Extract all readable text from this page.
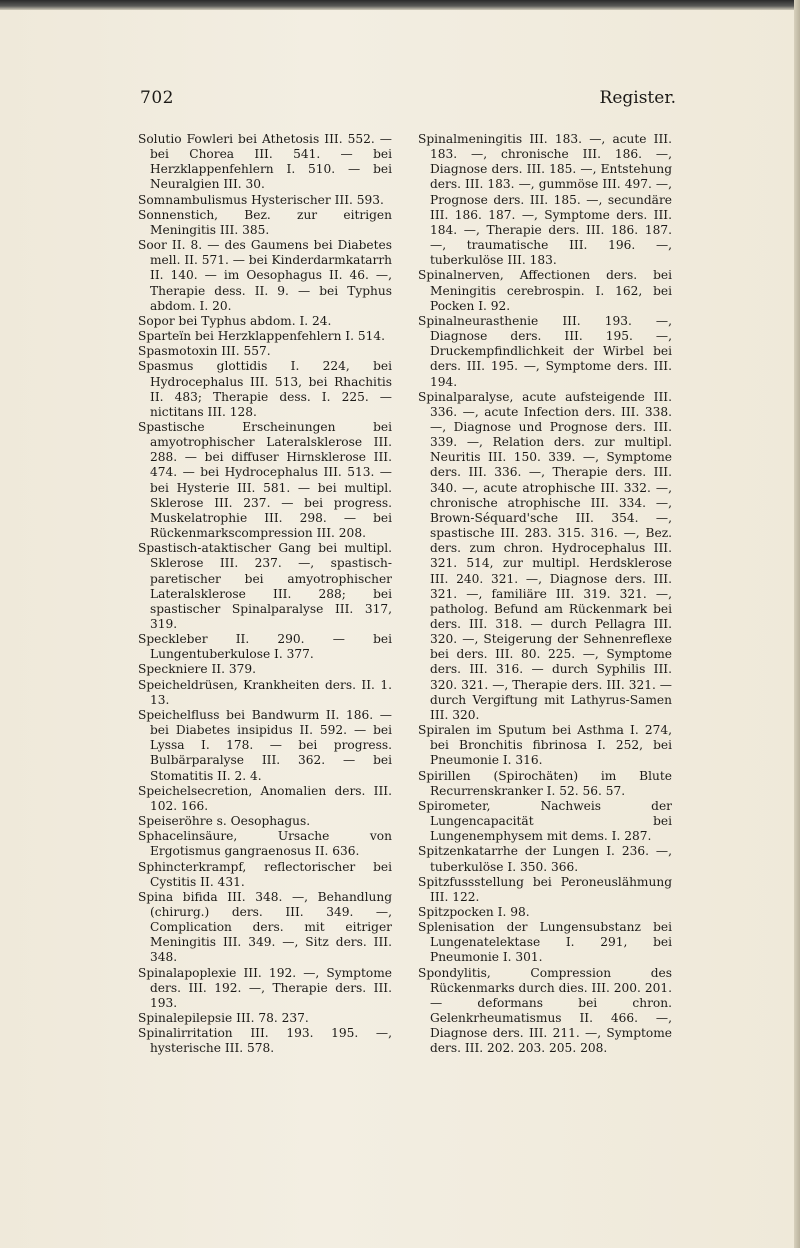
702	Register.

Solutio Fowleri bei Athetosis III. 552. — bei Chorea III. 541. — bei Herzklappenfehlern I. 510. — bei Neuralgien III. 30.

Somnambulismus Hysterischer III. 593.

Sonnenstich, Bez. zur eitrigen Meningitis III. 385.

Soor II. 8. — des Gaumens bei Diabetes mell. II. 571. — bei Kinderdarmkatarrh II. 140. — im Oesophagus II. 46. —, Therapie dess. II. 9. — bei Typhus abdom. I. 20.

Sopor bei Typhus abdom. I. 24.

Sparteïn bei Herzklappenfehlern I. 514.

Spasmotoxin III. 557.

Spasmus glottidis I. 224, bei Hydrocephalus III. 513, bei Rhachitis II. 483; Therapie dess. I. 225. — nictitans III. 128.

Spastische Erscheinungen bei amyotrophischer Lateralsklerose III. 288. — bei diffuser Hirnsklerose III. 474. — bei Hydrocephalus III. 513. — bei Hysterie III. 581. — bei multipl. Sklerose III. 237. — bei progress. Muskelatrophie III. 298. — bei Rückenmarkscompression III. 208.

Spastisch-ataktischer Gang bei multipl. Sklerose III. 237. —, spastisch-paretischer bei amyotrophischer Lateralsklerose III. 288; bei spastischer Spinalparalyse III. 317, 319.

Speckleber II. 290. — bei Lungentuberkulose I. 377.

Speckniere II. 379.

Speicheldrüsen, Krankheiten ders. II. 1. 13.

Speichelfluss bei Bandwurm II. 186. — bei Diabetes insipidus II. 592. — bei Lyssa I. 178. — bei progress. Bulbärparalyse III. 362. — bei Stomatitis II. 2. 4.

Speichelsecretion, Anomalien ders. III. 102. 166.

Speiseröhre s. Oesophagus.

Sphacelinsäure, Ursache von Ergotismus gangraenosus II. 636.

Sphincterkrampf, reflectorischer bei Cystitis II. 431.

Spina bifida III. 348. —, Behandlung (chirurg.) ders. III. 349. —, Complication ders. mit eitriger Meningitis III. 349. —, Sitz ders. III. 348.

Spinalapoplexie III. 192. —, Symptome ders. III. 192. —, Therapie ders. III. 193.

Spinalepilepsie III. 78. 237.

Spinalirritation III. 193. 195. —, hysterische III. 578.

Spinalmeningitis III. 183. —, acute III. 183. —, chronische III. 186. —, Diagnose ders. III. 185. —, Entstehung ders. III. 183. —, gummöse III. 497. —, Prognose ders. III. 185. —, secundäre III. 186. 187. —, Symptome ders. III. 184. —, Therapie ders. III. 186. 187. —, traumatische III. 196. —, tuberkulöse III. 183.

Spinalnerven, Affectionen ders. bei Meningitis cerebrospin. I. 162, bei Pocken I. 92.

Spinalneurasthenie III. 193. —, Diagnose ders. III. 195. —, Druckempfindlichkeit der Wirbel bei ders. III. 195. —, Symptome ders. III. 194.

Spinalparalyse, acute aufsteigende III. 336. —, acute Infection ders. III. 338. —, Diagnose und Prognose ders. III. 339. —, Relation ders. zur multipl. Neuritis III. 150. 339. —, Symptome ders. III. 336. —, Therapie ders. III. 340. —, acute atrophische III. 332. —, chronische atrophische III. 334. —, Brown-Séquard'sche III. 354. —, spastische III. 283. 315. 316. —, Bez. ders. zum chron. Hydrocephalus III. 321. 514, zur multipl. Herdsklerose III. 240. 321. —, Diagnose ders. III. 321. —, familiäre III. 319. 321. —, patholog. Befund am Rückenmark bei ders. III. 318. — durch Pellagra III. 320. —, Steigerung der Sehnenreflexe bei ders. III. 80. 225. —, Symptome ders. III. 316. — durch Syphilis III. 320. 321. —, Therapie ders. III. 321. — durch Vergiftung mit Lathyrus-Samen III. 320.

Spiralen im Sputum bei Asthma I. 274, bei Bronchitis fibrinosa I. 252, bei Pneumonie I. 316.

Spirillen (Spirochäten) im Blute Recurrenskranker I. 52. 56. 57.

Spirometer, Nachweis der Lungencapacität bei Lungenemphysem mit dems. I. 287.

Spitzenkatarrhe der Lungen I. 236. —, tuberkulöse I. 350. 366.

Spitzfussstellung bei Peroneuslähmung III. 122.

Spitzpocken I. 98.

Splenisation der Lungensubstanz bei Lungenatelektase I. 291, bei Pneumonie I. 301.

Spondylitis, Compression des Rückenmarks durch dies. III. 200. 201. — deformans bei chron. Gelenkrheumatismus II. 466. —, Diagnose ders. III. 211. —, Symptome ders. III. 202. 203. 205. 208.
